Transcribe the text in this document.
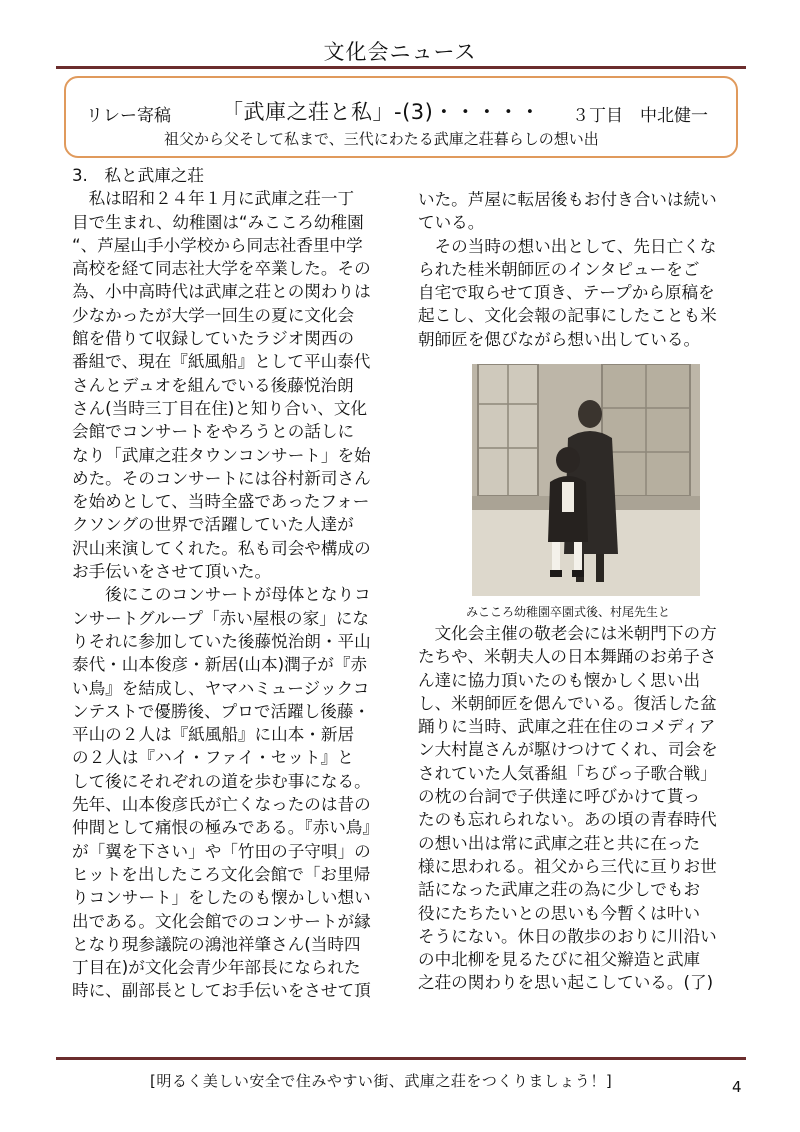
文化会ニュース
リレー寄稿 「武庫之荘と私」-(3)・・・・・ ３丁目　中北健一
祖父から父そして私まで、三代にわたる武庫之荘暮らしの想い出

3.　私と武庫之荘

　私は昭和２４年１月に武庫之荘一丁

目で生まれ、幼稚園は“みこころ幼稚園

“、芦屋山手小学校から同志社香里中学

高校を経て同志社大学を卒業した。その

為、小中高時代は武庫之荘との関わりは

少なかったが大学一回生の夏に文化会

館を借りて収録していたラジオ関西の

番組で、現在『紙風船』として平山泰代

さんとデュオを組んでいる後藤悦治朗

さん(当時三丁目在住)と知り合い、文化

会館でコンサートをやろうとの話しに

なり「武庫之荘タウンコンサート」を始

めた。そのコンサートには谷村新司さん

を始めとして、当時全盛であったフォー

クソングの世界で活躍していた人達が

沢山来演してくれた。私も司会や構成の

お手伝いをさせて頂いた。

　　後にこのコンサートが母体となりコ

ンサートグループ「赤い屋根の家」にな

りそれに参加していた後藤悦治朗・平山

泰代・山本俊彦・新居(山本)潤子が『赤

い鳥』を結成し、ヤマハミュージックコ

ンテストで優勝後、プロで活躍し後藤・

平山の２人は『紙風船』に山本・新居

の２人は『ハイ・ファイ・セット』と

して後にそれぞれの道を歩む事になる。

先年、山本俊彦氏が亡くなったのは昔の

仲間として痛恨の極みである。『赤い鳥』

が「翼を下さい」や「竹田の子守唄」の

ヒットを出したころ文化会館で「お里帰

りコンサート」をしたのも懐かしい想い

出である。文化会館でのコンサートが縁

となり現参議院の鴻池祥肇さん(当時四

丁目在)が文化会青少年部長になられた

時に、副部長としてお手伝いをさせて頂

いた。芦屋に転居後もお付き合いは続い

ている。

　その当時の想い出として、先日亡くな

られた桂米朝師匠のインタピューをご

自宅で取らせて頂き、テープから原稿を

起こし、文化会報の記事にしたことも米

朝師匠を偲びながら想い出している。

みこころ幼稚園卒園式後、村尾先生と

　文化会主催の敬老会には米朝門下の方

たちや、米朝夫人の日本舞踊のお弟子さ

ん達に協力頂いたのも懐かしく思い出

し、米朝師匠を偲んでいる。復活した盆

踊りに当時、武庫之荘在住のコメディア

ン大村崑さんが駆けつけてくれ、司会を

されていた人気番組「ちびっ子歌合戦」

の枕の台詞で子供達に呼びかけて貰っ

たのも忘れられない。あの頃の青春時代

の想い出は常に武庫之荘と共に在った

様に思われる。祖父から三代に亘りお世

話になった武庫之荘の為に少しでもお

役にたちたいとの思いも今暫くは叶い

そうにない。休日の散歩のおりに川沿い

の中北柳を見るたびに祖父辮造と武庫

之荘の関わりを思い起こしている。(了)

[明るく美しい安全で住みやすい街、武庫之荘をつくりましょう！]	4
